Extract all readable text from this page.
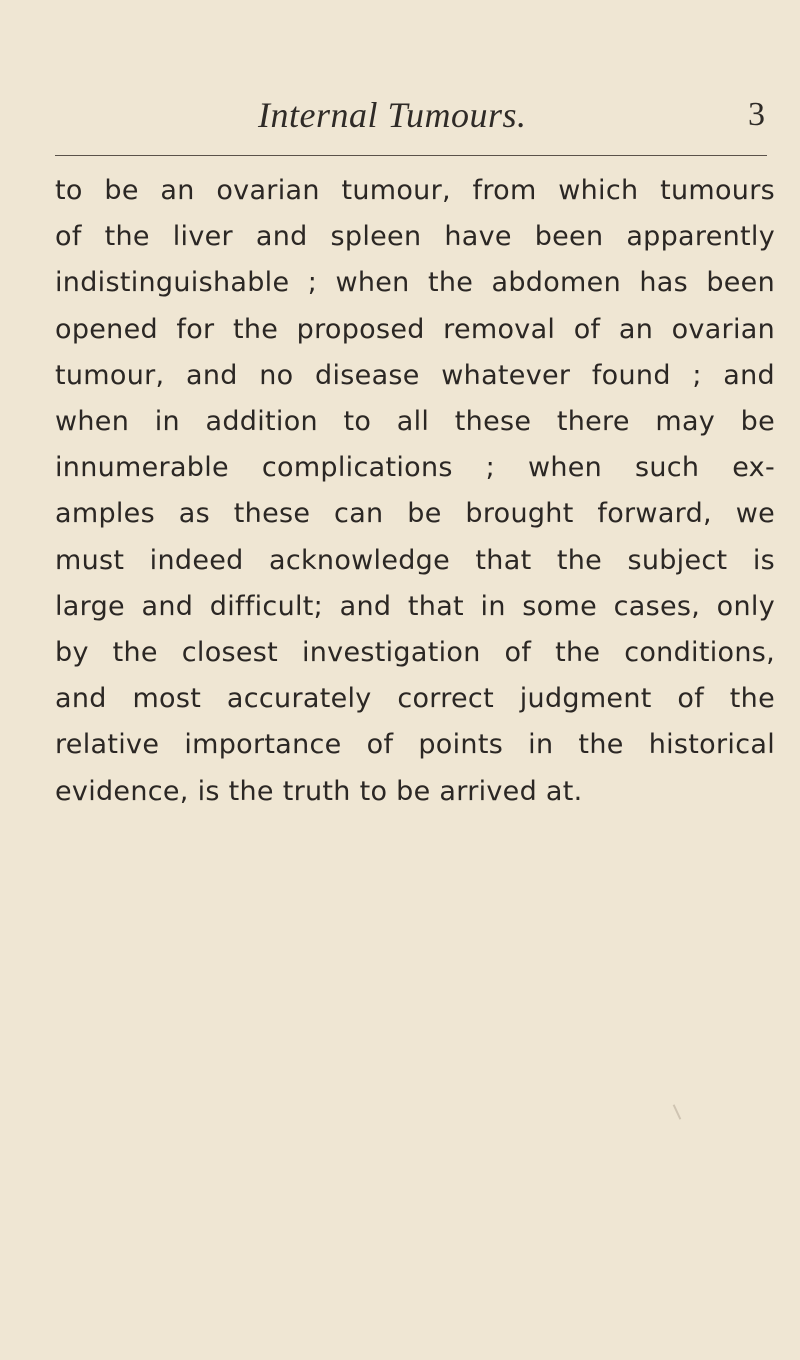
Internal Tumours.	3
to be an ovarian tumour, from which tumours
of the liver and spleen have been apparently
indistinguishable ; when the abdomen has been
opened for the proposed removal of an ovarian
tumour, and no disease whatever found ; and
when in addition to all these there may be
innumerable complications ; when such ex-
amples as these can be brought forward, we
must indeed acknowledge that the subject is
large and difficult; and that in some cases, only
by the closest investigation of the conditions,
and most accurately correct judgment of the
relative importance of points in the historical
evidence, is the truth to be arrived at.
